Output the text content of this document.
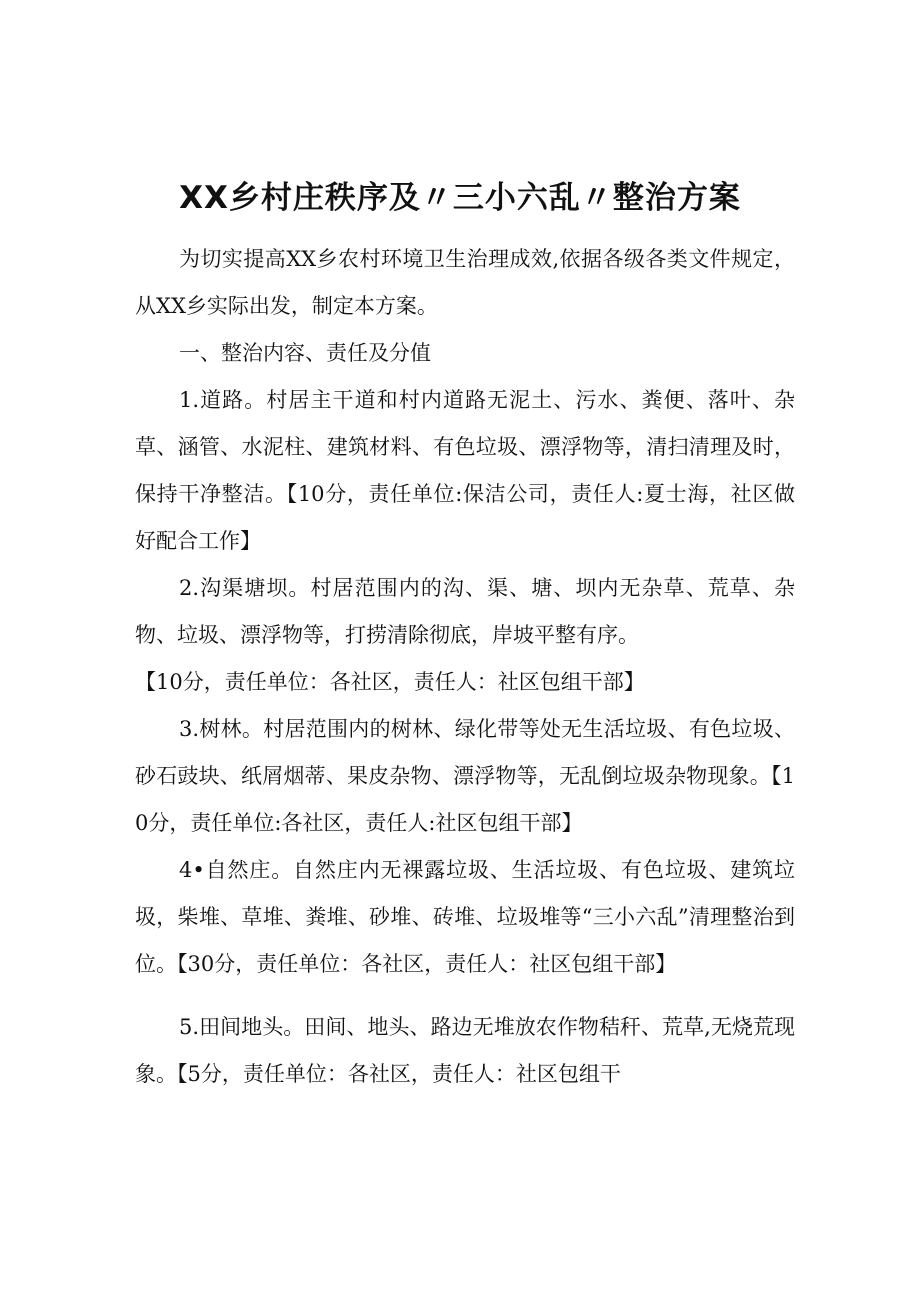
XX乡村庄秩序及〃三小六乱〃整治方案

为切实提高XX乡农村环境卫生治理成效,依据各级各类文件规定，从XX乡实际出发，制定本方案。

一、整治内容、责任及分值

1.道路。村居主干道和村内道路无泥土、污水、粪便、落叶、杂草、涵管、水泥柱、建筑材料、有色垃圾、漂浮物等，清扫清理及时，保持干净整洁。【10分，责任单位:保洁公司，责任人:夏士海，社区做好配合工作】

2.沟渠塘坝。村居范围内的沟、渠、塘、坝内无杂草、荒草、杂物、垃圾、漂浮物等，打捞清除彻底，岸坡平整有序。

【10分，责任单位：各社区，责任人：社区包组干部】

3.树林。村居范围内的树林、绿化带等处无生活垃圾、有色垃圾、砂石豉块、纸屑烟蒂、果皮杂物、漂浮物等，无乱倒垃圾杂物现象。【10分，责任单位:各社区，责任人:社区包组干部】

4•自然庄。自然庄内无裸露垃圾、生活垃圾、有色垃圾、建筑垃圾，柴堆、草堆、粪堆、砂堆、砖堆、垃圾堆等“三小六乱”清理整治到位。【30分，责任单位：各社区，责任人：社区包组干部】

5.田间地头。田间、地头、路边无堆放农作物秸秆、荒草,无烧荒现象。【5分，责任单位：各社区，责任人：社区包组干
